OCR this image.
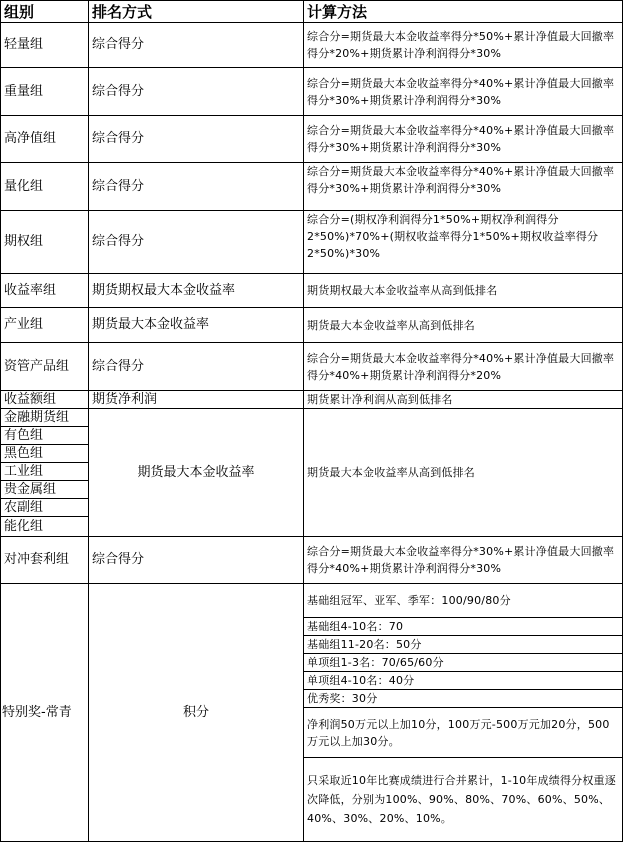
组别	排名方式	计算方法
轻量组	综合得分	综合分=期货最大本金收益率得分*50%+累计净值最大回撤率得分*20%+期货累计净利润得分*30%
重量组	综合得分	综合分=期货最大本金收益率得分*40%+累计净值最大回撤率得分*30%+期货累计净利润得分*30%
高净值组	综合得分	综合分=期货最大本金收益率得分*40%+累计净值最大回撤率得分*30%+期货累计净利润得分*30%
量化组	综合得分	综合分=期货最大本金收益率得分*40%+累计净值最大回撤率得分*30%+期货累计净利润得分*30%
期权组	综合得分	综合分=(期权净利润得分1*50%+期权净利润得分2*50%)*70%+(期权收益率得分1*50%+期权收益率得分2*50%)*30%
收益率组	期货期权最大本金收益率	期货期权最大本金收益率从高到低排名
产业组	期货最大本金收益率	期货最大本金收益率从高到低排名
资管产品组	综合得分	综合分=期货最大本金收益率得分*40%+累计净值最大回撤率得分*40%+期货累计净利润得分*20%
收益额组	期货净利润	期货累计净利润从高到低排名
金融期货组	期货最大本金收益率	期货最大本金收益率从高到低排名
有色组		
黑色组		
工业组		
贵金属组		
农副组		
能化组		
对冲套利组	综合得分	综合分=期货最大本金收益率得分*30%+累计净值最大回撤率得分*40%+期货累计净利润得分*30%
特别奖-常青	积分	基础组冠军、亚军、季军：100/90/80分
		基础组4-10名：70
		基础组11-20名：50分
		单项组1-3名：70/65/60分
		单项组4-10名：40分
		优秀奖：30分
		净利润50万元以上加10分，100万元-500万元加20分，500万元以上加30分。
		只采取近10年比赛成绩进行合并累计，1-10年成绩得分权重逐次降低，分别为100%、90%、80%、70%、60%、50%、40%、30%、20%、10%。
